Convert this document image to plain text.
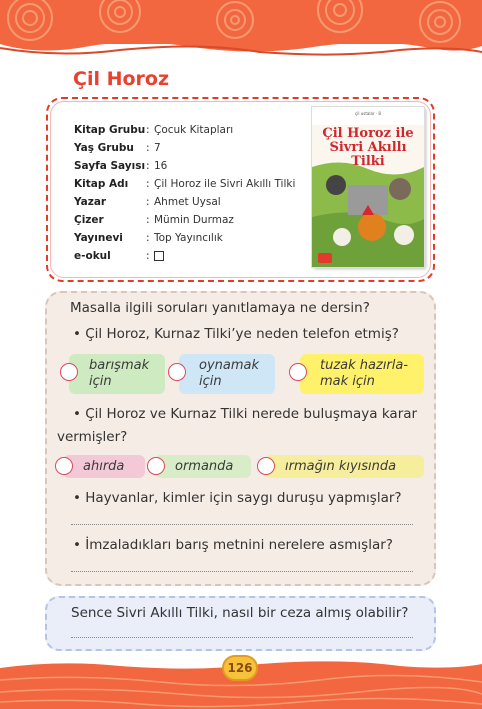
Çil Horoz
Kitap Grubu : Çocuk Kitapları
Yaş Grubu	: 7
Sayfa Sayısı : 16
Kitap Adı	: Çil Horoz ile Sivri Akıllı Tilki
Yazar	: Ahmet Uysal
Çizer	: Mümin Durmaz
Yayınevi	: Top Yayıncılık
e-okul	:
çil ustalar · 8
Çil Horoz ile
Sivri Akıllı Tilki
Masalla ilgili soruları yanıtlamaya ne dersin?
• Çil Horoz, Kurnaz Tilki’ye neden telefon etmiş?
barışmak
için
oynamak
için
tuzak hazırla-
mak için
• Çil Horoz ve Kurnaz Tilki nerede buluşmaya karar
vermişler?
ahırda	ormanda	ırmağın kıyısında
• Hayvanlar, kimler için saygı duruşu yapmışlar?
• İmzaladıkları barış metnini nerelere asmışlar?
Sence Sivri Akıllı Tilki, nasıl bir ceza almış olabilir?
126
